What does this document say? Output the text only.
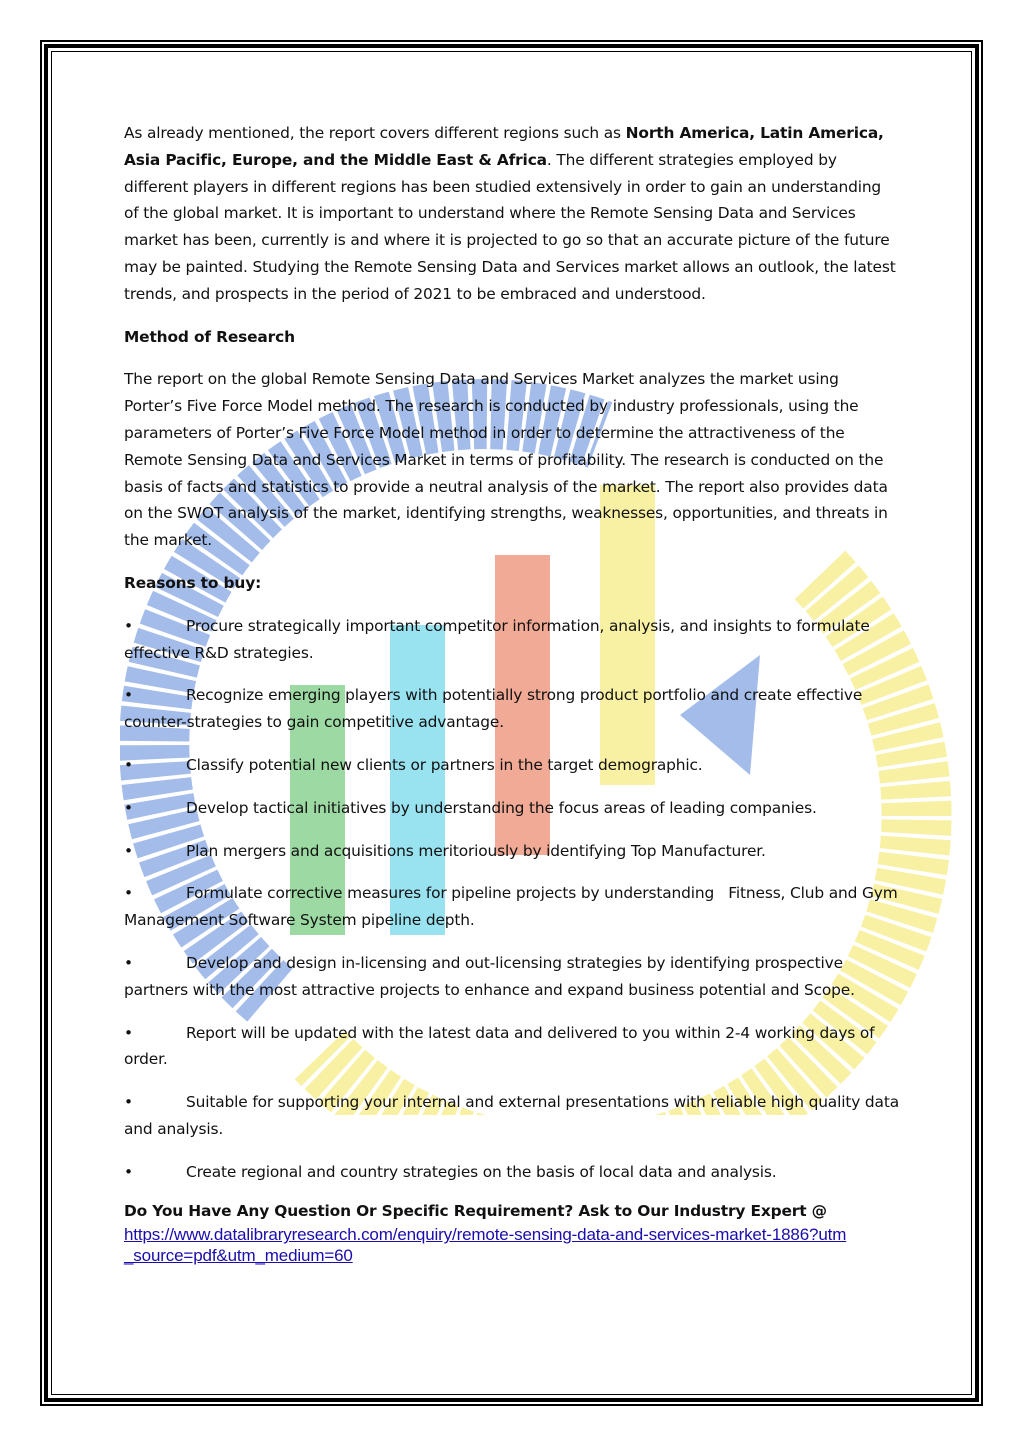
As already mentioned, the report covers different regions such as North America, Latin America, Asia Pacific, Europe, and the Middle East & Africa. The different strategies employed by different players in different regions has been studied extensively in order to gain an understanding of the global market. It is important to understand where the Remote Sensing Data and Services market has been, currently is and where it is projected to go so that an accurate picture of the future may be painted. Studying the Remote Sensing Data and Services market allows an outlook, the latest trends, and prospects in the period of 2021 to be embraced and understood.

Method of Research

The report on the global Remote Sensing Data and Services Market analyzes the market using Porter’s Five Force Model method. The research is conducted by industry professionals, using the parameters of Porter’s Five Force Model method in order to determine the attractiveness of the Remote Sensing Data and Services Market in terms of profitability. The research is conducted on the basis of facts and statistics to provide a neutral analysis of the market. The report also provides data on the SWOT analysis of the market, identifying strengths, weaknesses, opportunities, and threats in the market.

Reasons to buy:

•	Procure strategically important competitor information, analysis, and insights to formulate effective R&D strategies.

•	Recognize emerging players with potentially strong product portfolio and create effective counter-strategies to gain competitive advantage.

•	Classify potential new clients or partners in the target demographic.

•	Develop tactical initiatives by understanding the focus areas of leading companies.

•	Plan mergers and acquisitions meritoriously by identifying Top Manufacturer.

•	Formulate corrective measures for pipeline projects by understanding   Fitness, Club and Gym Management Software System pipeline depth.

•	Develop and design in-licensing and out-licensing strategies by identifying prospective partners with the most attractive projects to enhance and expand business potential and Scope.

•	Report will be updated with the latest data and delivered to you within 2-4 working days of order.

•	Suitable for supporting your internal and external presentations with reliable high quality data and analysis.

•	Create regional and country strategies on the basis of local data and analysis.

Do You Have Any Question Or Specific Requirement? Ask to Our Industry Expert @

https://www.datalibraryresearch.com/enquiry/remote-sensing-data-and-services-market-1886?utm_source=pdf&utm_medium=60
